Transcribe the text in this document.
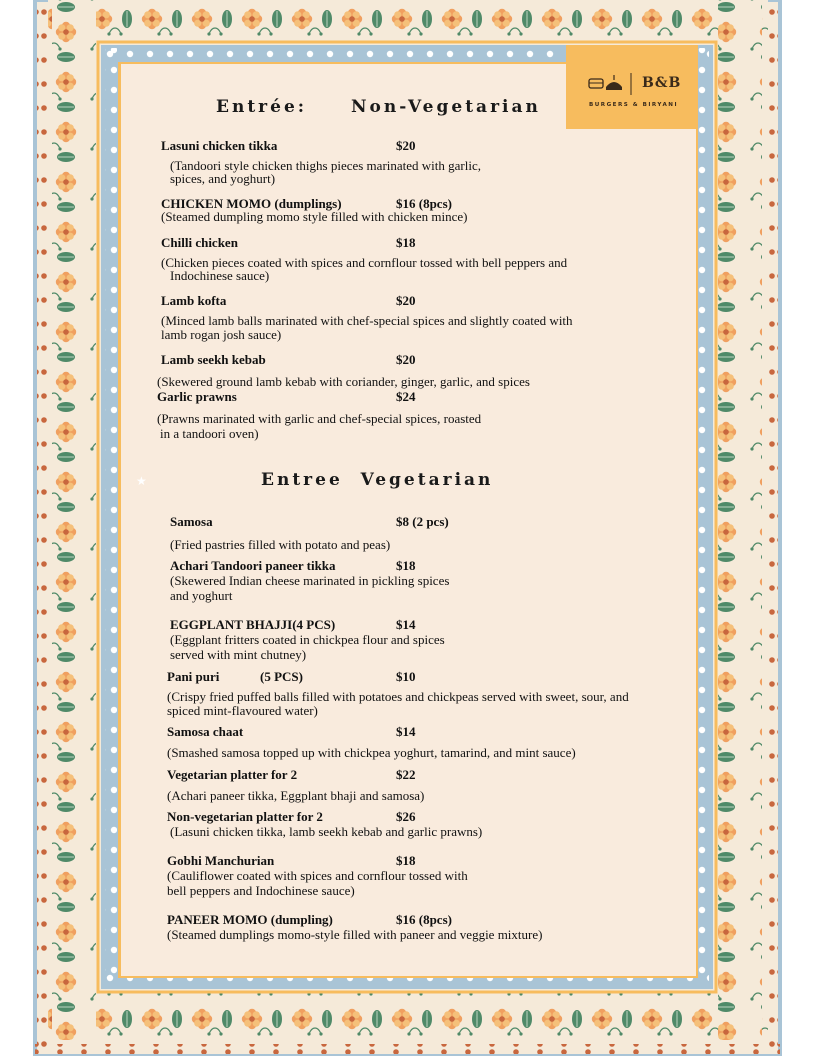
B&B
BURGERS & BIRYANI
Entrée:	Non-Vegetarian
Lasuni chicken tikka	$20
(Tandoori style chicken thighs pieces marinated with garlic,
spices, and yoghurt)
CHICKEN MOMO (dumplings)	$16 (8pcs)
(Steamed dumpling momo style filled with chicken mince)
Chilli chicken	$18
(Chicken pieces coated with spices and cornflour tossed with bell peppers and
Indochinese sauce)
Lamb kofta	$20
(Minced lamb balls marinated with chef-special spices and slightly coated with
lamb rogan josh sauce)
Lamb seekh kebab	$20
(Skewered ground lamb kebab with coriander, ginger, garlic, and spices
Garlic prawns	$24
(Prawns marinated with garlic and chef-special spices, roasted
in a tandoori oven)
★	Entree  Vegetarian
Samosa	$8 (2 pcs)
(Fried pastries filled with potato and peas)
Achari Tandoori paneer tikka	$18
(Skewered Indian cheese marinated in pickling spices
and yoghurt
EGGPLANT BHAJJI(4 PCS)	$14
(Eggplant fritters coated in chickpea flour and spices
served with mint chutney)
Pani puri	(5 PCS)	$10
(Crispy fried puffed balls filled with potatoes and chickpeas served with sweet, sour, and
spiced mint-flavoured water)
Samosa chaat	$14
(Smashed samosa topped up with chickpea yoghurt, tamarind, and mint sauce)
Vegetarian platter for 2	$22
(Achari paneer tikka, Eggplant bhaji and samosa)
Non-vegetarian platter for 2	$26
(Lasuni chicken tikka, lamb seekh kebab and garlic prawns)
Gobhi Manchurian	$18
(Cauliflower coated with spices and cornflour tossed with
bell peppers and Indochinese sauce)
PANEER MOMO (dumpling)	$16 (8pcs)
(Steamed dumplings momo-style filled with paneer and veggie mixture)
